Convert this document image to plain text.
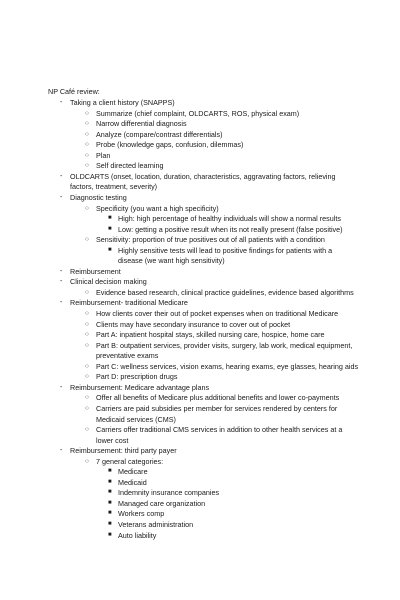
NP Café review:
- Taking a client history (SNAPPS)
○ Summarize (chief complaint, OLDCARTS, ROS, physical exam)
○ Narrow differential diagnosis
○ Analyze (compare/contrast differentials)
○ Probe (knowledge gaps, confusion, dilemmas)
○ Plan
○ Self directed learning
- OLDCARTS (onset, location, duration, characteristics, aggravating factors, relieving
factors, treatment, severity)
- Diagnostic testing
○ Specificity (you want a high specificity)
■ High: high percentage of healthy individuals will show a normal results
■ Low: getting a positive result when its not really present (false positive)
○ Sensitivity: proportion of true positives out of all patients with a condition
■ Highly sensitive tests will lead to positive findings for patients with a
disease (we want high sensitivity)
- Reimbursement
- Clinical decision making
○ Evidence based research, clinical practice guidelines, evidence based algorithms
- Reimbursement- traditional Medicare
○ How clients cover their out of pocket expenses when on traditional Medicare
○ Clients may have secondary insurance to cover out of pocket
○ Part A: inpatient hospital stays, skilled nursing care, hospice, home care
○ Part B: outpatient services, provider visits, surgery, lab work, medical equipment,
preventative exams
○ Part C: wellness services, vision exams, hearing exams, eye glasses, hearing aids
○ Part D: prescription drugs
- Reimbursement: Medicare advantage plans
○ Offer all benefits of Medicare plus additional benefits and lower co-payments
○ Carriers are paid subsidies per member for services rendered by centers for
Medicaid services (CMS)
○ Carriers offer traditional CMS services in addition to other health services at a
lower cost
- Reimbursement: third party payer
○ 7 general categories:
■ Medicare
■ Medicaid
■ Indemnity insurance companies
■ Managed care organization
■ Workers comp
■ Veterans administration
■ Auto liability
